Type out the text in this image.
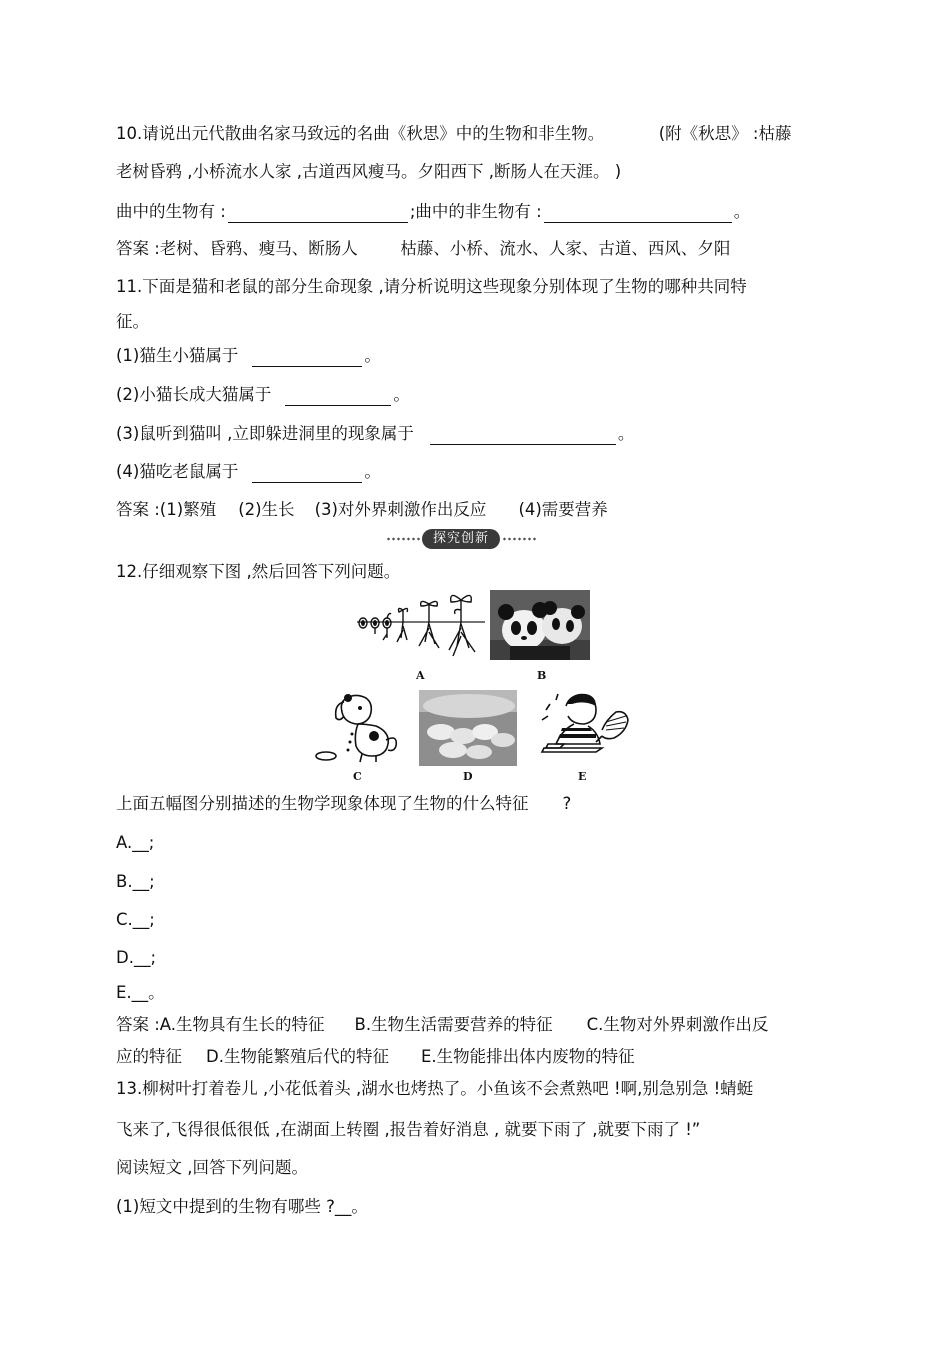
10.请说出元代散曲名家马致远的名曲《秋思》中的生物和非生物。	(附《秋思》 :枯藤
老树昏鸦 ,小桥流水人家 ,古道西风瘦马。夕阳西下 ,断肠人在天涯。 )
曲中的生物有 :	;曲中的非生物有 :	。
答案 :老树、昏鸦、瘦马、断肠人	枯藤、小桥、流水、人家、古道、西风、夕阳
11.下面是猫和老鼠的部分生命现象 ,请分析说明这些现象分别体现了生物的哪种共同特
征。
(1)猫生小猫属于	。
(2)小猫长成大猫属于	。
(3)鼠听到猫叫 ,立即躲进洞里的现象属于	。
(4)猫吃老鼠属于	。
答案 :(1)繁殖 (2)生长 (3)对外界刺激作出反应 (4)需要营养
探究创新
12.仔细观察下图 ,然后回答下列问题。
A	B
C	D	E
上面五幅图分别描述的生物学现象体现了生物的什么特征 ?
A.__;
B.__;
C.__;
D.__;
E.__。
答案 :A.生物具有生长的特征 B.生物生活需要营养的特征 C.生物对外界刺激作出反
应的特征 D.生物能繁殖后代的特征 E.生物能排出体内废物的特征
13.柳树叶打着卷儿 ,小花低着头 ,湖水也烤热了。小鱼该不会煮熟吧 !啊,别急别急 !蜻蜓
飞来了,飞得很低很低 ,在湖面上转圈 ,报告着好消息 , 就要下雨了 ,就要下雨了 !”
阅读短文 ,回答下列问题。
(1)短文中提到的生物有哪些 ?__。
